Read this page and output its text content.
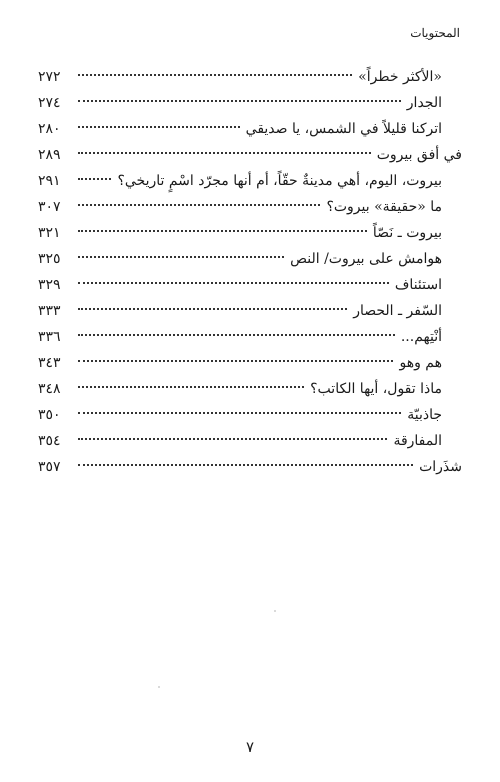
المحتويات
«الأكثر خطراً»
٢٧٢
الجدار
٢٧٤
اتركنا قليلاً في الشمس، يا صديقي
٢٨٠
في أفق بيروت
٢٨٩
بيروت، اليوم، أهي مدينةٌ حقّاً، أم أنها مجرّد اسْمٍ تاريخي؟
٢٩١
ما «حقيقة» بيروت؟
٣٠٧
بيروت ـ نَصّاً
٣٢١
هوامش على بيروت/ النص
٣٢٥
استئناف
٣٢٩
السّفر ـ الحصار
٣٣٣
أنْتِهم...
٣٣٦
هم وهو
٣٤٣
ماذا تقول، أيها الكاتب؟
٣٤٨
جاذبيّة
٣٥٠
المفارقة
٣٥٤
شذَرات
٣٥٧
٧
